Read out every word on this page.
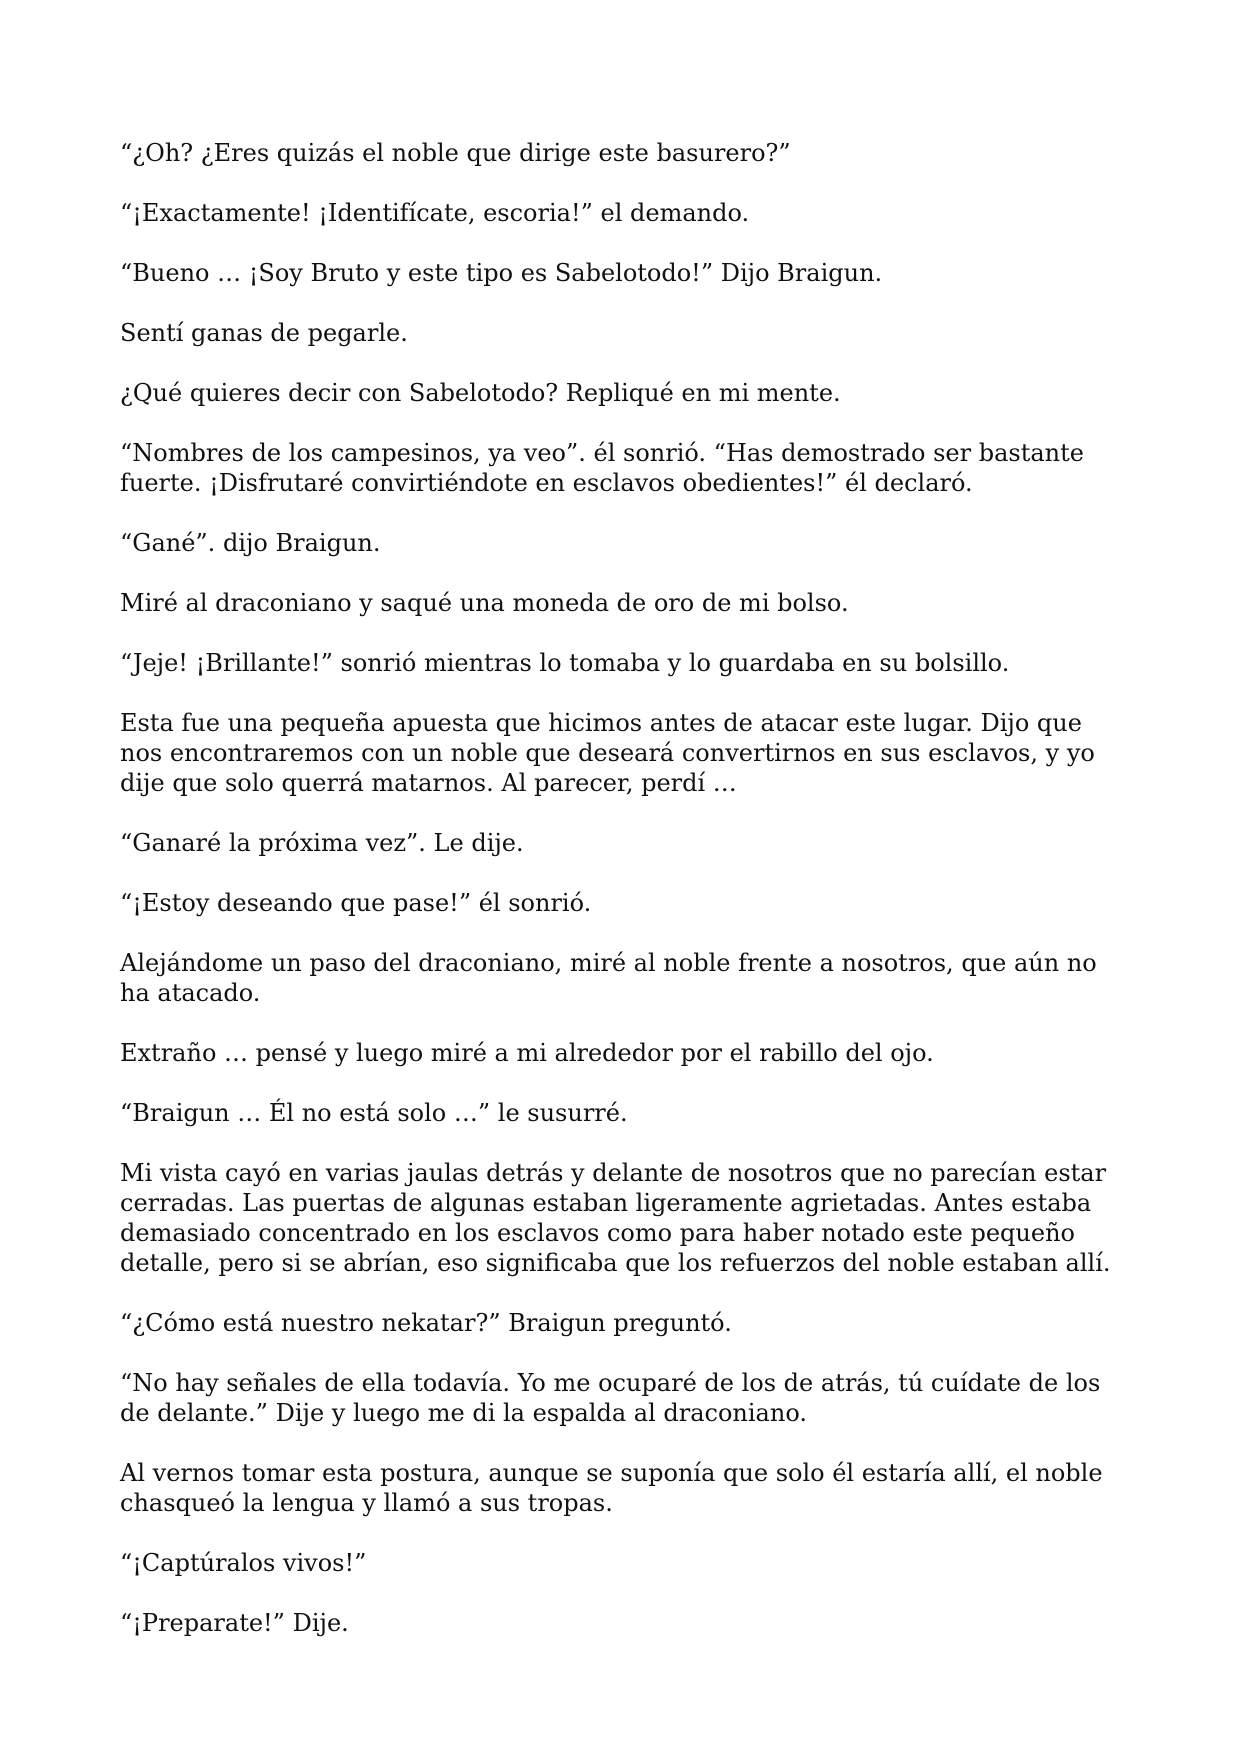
“¿Oh? ¿Eres quizás el noble que dirige este basurero?”

“¡Exactamente! ¡Identifícate, escoria!” el demando.

“Bueno … ¡Soy Bruto y este tipo es Sabelotodo!” Dijo Braigun.

Sentí ganas de pegarle.

¿Qué quieres decir con Sabelotodo? Repliqué en mi mente.

“Nombres de los campesinos, ya veo”. él sonrió. “Has demostrado ser bastante fuerte. ¡Disfrutaré convirtiéndote en esclavos obedientes!” él declaró.

“Gané”. dijo Braigun.

Miré al draconiano y saqué una moneda de oro de mi bolso.

“Jeje! ¡Brillante!” sonrió mientras lo tomaba y lo guardaba en su bolsillo.

Esta fue una pequeña apuesta que hicimos antes de atacar este lugar. Dijo que nos encontraremos con un noble que deseará convertirnos en sus esclavos, y yo dije que solo querrá matarnos. Al parecer, perdí …

“Ganaré la próxima vez”. Le dije.

“¡Estoy deseando que pase!” él sonrió.

Alejándome un paso del draconiano, miré al noble frente a nosotros, que aún no ha atacado.

Extraño … pensé y luego miré a mi alrededor por el rabillo del ojo.

“Braigun … Él no está solo …” le susurré.

Mi vista cayó en varias jaulas detrás y delante de nosotros que no parecían estar cerradas. Las puertas de algunas estaban ligeramente agrietadas. Antes estaba demasiado concentrado en los esclavos como para haber notado este pequeño detalle, pero si se abrían, eso significaba que los refuerzos del noble estaban allí.

“¿Cómo está nuestro nekatar?” Braigun preguntó.

“No hay señales de ella todavía. Yo me ocuparé de los de atrás, tú cuídate de los de delante.” Dije y luego me di la espalda al draconiano.

Al vernos tomar esta postura, aunque se suponía que solo él estaría allí, el noble chasqueó la lengua y llamó a sus tropas.

“¡Captúralos vivos!”

“¡Preparate!” Dije.
